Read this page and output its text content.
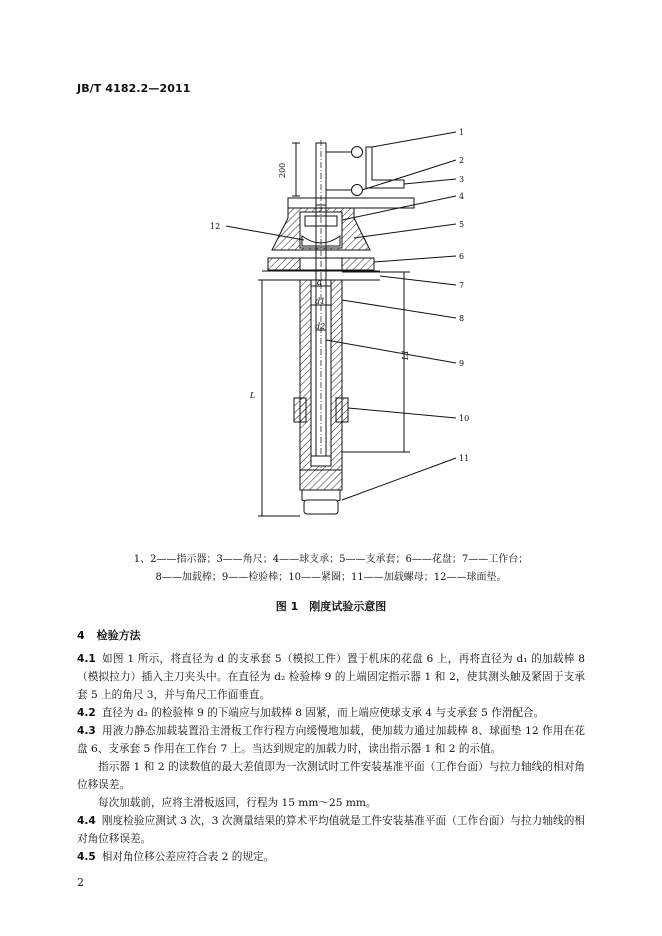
JB/T 4182.2—2011
1
2
3
4
5
6
7
8
9
10
11
12
200
L
L1
d
d1
d2
1、2——指示器；3——角尺；4——球支承；5——支承套；6——花盘；7——工作台；
8——加载棒；9——检验棒；10——紧圈；11——加载螺母；12——球面垫。
图 1　刚度试验示意图
4 检验方法

4.1 如图 1 所示，将直径为 d 的支承套 5（模拟工件）置于机床的花盘 6 上，再将直径为 d₁ 的加载棒 8（模拟拉力）插入主刀夹头中。在直径为 d₂ 检验棒 9 的上端固定指示器 1 和 2，使其测头触及紧固于支承套 5 上的角尺 3，并与角尺工作面垂直。

4.2 直径为 d₂ 的检验棒 9 的下端应与加载棒 8 固紧，而上端应使球支承 4 与支承套 5 作滑配合。

4.3 用液力静态加载装置沿主滑板工作行程方向缓慢地加载，使加载力通过加载棒 8、球面垫 12 作用在花盘 6、支承套 5 作用在工作台 7 上。当达到规定的加载力时，读出指示器 1 和 2 的示值。

指示器 1 和 2 的读数值的最大差值即为一次测试时工件安装基准平面（工作台面）与拉力轴线的相对角位移误差。

每次加载前，应将主滑板返回，行程为 15 mm～25 mm。

4.4 刚度检验应测试 3 次，3 次测量结果的算术平均值就是工件安装基准平面（工作台面）与拉力轴线的相对角位移误差。

4.5 相对角位移公差应符合表 2 的规定。

2
